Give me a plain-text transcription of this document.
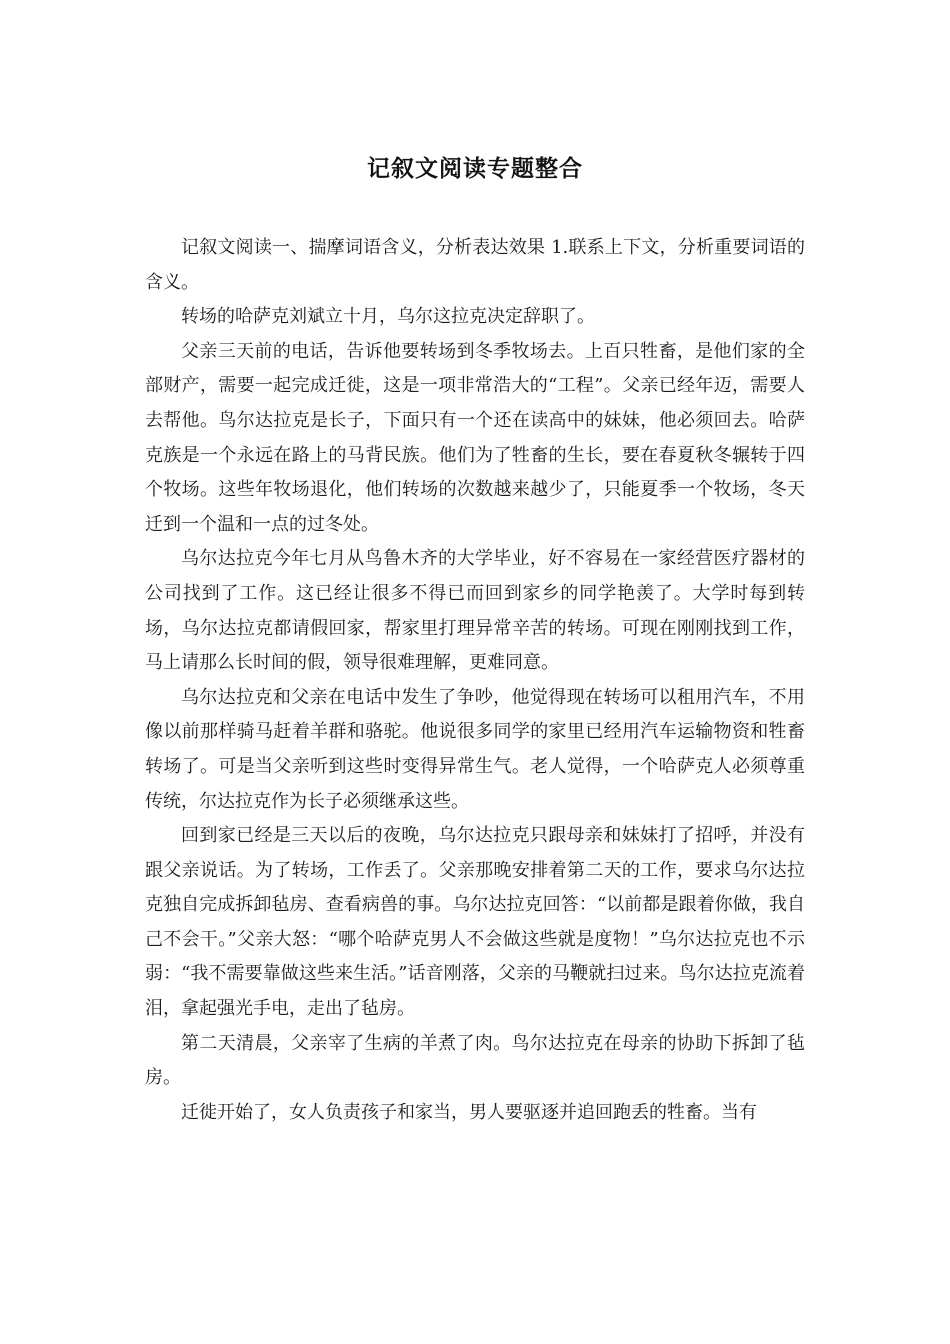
记叙文阅读专题整合

记叙文阅读一、揣摩词语含义，分析表达效果 1.联系上下文，分析重要词语的含义。

转场的哈萨克刘斌立十月，乌尔这拉克决定辞职了。

父亲三天前的电话，告诉他要转场到冬季牧场去。上百只牲畜，是他们家的全部财产，需要一起完成迁徙，这是一项非常浩大的“工程”。父亲已经年迈，需要人去帮他。鸟尔达拉克是长子，下面只有一个还在读高中的妹妹，他必须回去。哈萨克族是一个永远在路上的马背民族。他们为了牲畜的生长，要在春夏秋冬辗转于四个牧场。这些年牧场退化，他们转场的次数越来越少了，只能夏季一个牧场，冬天迁到一个温和一点的过冬处。

乌尔达拉克今年七月从鸟鲁木齐的大学毕业，好不容易在一家经营医疗器材的公司找到了工作。这已经让很多不得已而回到家乡的同学艳羡了。大学时每到转场，乌尔达拉克都请假回家，帮家里打理异常辛苦的转场。可现在刚刚找到工作，马上请那么长时间的假，领导很难理解，更难同意。

乌尔达拉克和父亲在电话中发生了争吵，他觉得现在转场可以租用汽车，不用像以前那样骑马赶着羊群和骆驼。他说很多同学的家里已经用汽车运输物资和牲畜转场了。可是当父亲听到这些时变得异常生气。老人觉得，一个哈萨克人必须尊重传统，尔达拉克作为长子必须继承这些。

回到家已经是三天以后的夜晚，乌尔达拉克只跟母亲和妹妹打了招呼，并没有跟父亲说话。为了转场，工作丢了。父亲那晚安排着第二天的工作，要求乌尔达拉克独自完成拆卸毡房、查看病兽的事。乌尔达拉克回答：“以前都是跟着你做，我自己不会干。”父亲大怒：“哪个哈萨克男人不会做这些就是度物！”乌尔达拉克也不示弱：“我不需要靠做这些来生活。”话音刚落，父亲的马鞭就扫过来。鸟尔达拉克流着泪，拿起强光手电，走出了毡房。

第二天清晨，父亲宰了生病的羊煮了肉。鸟尔达拉克在母亲的协助下拆卸了毡房。

迁徙开始了，女人负责孩子和家当，男人要驱逐并追回跑丢的牲畜。当有
